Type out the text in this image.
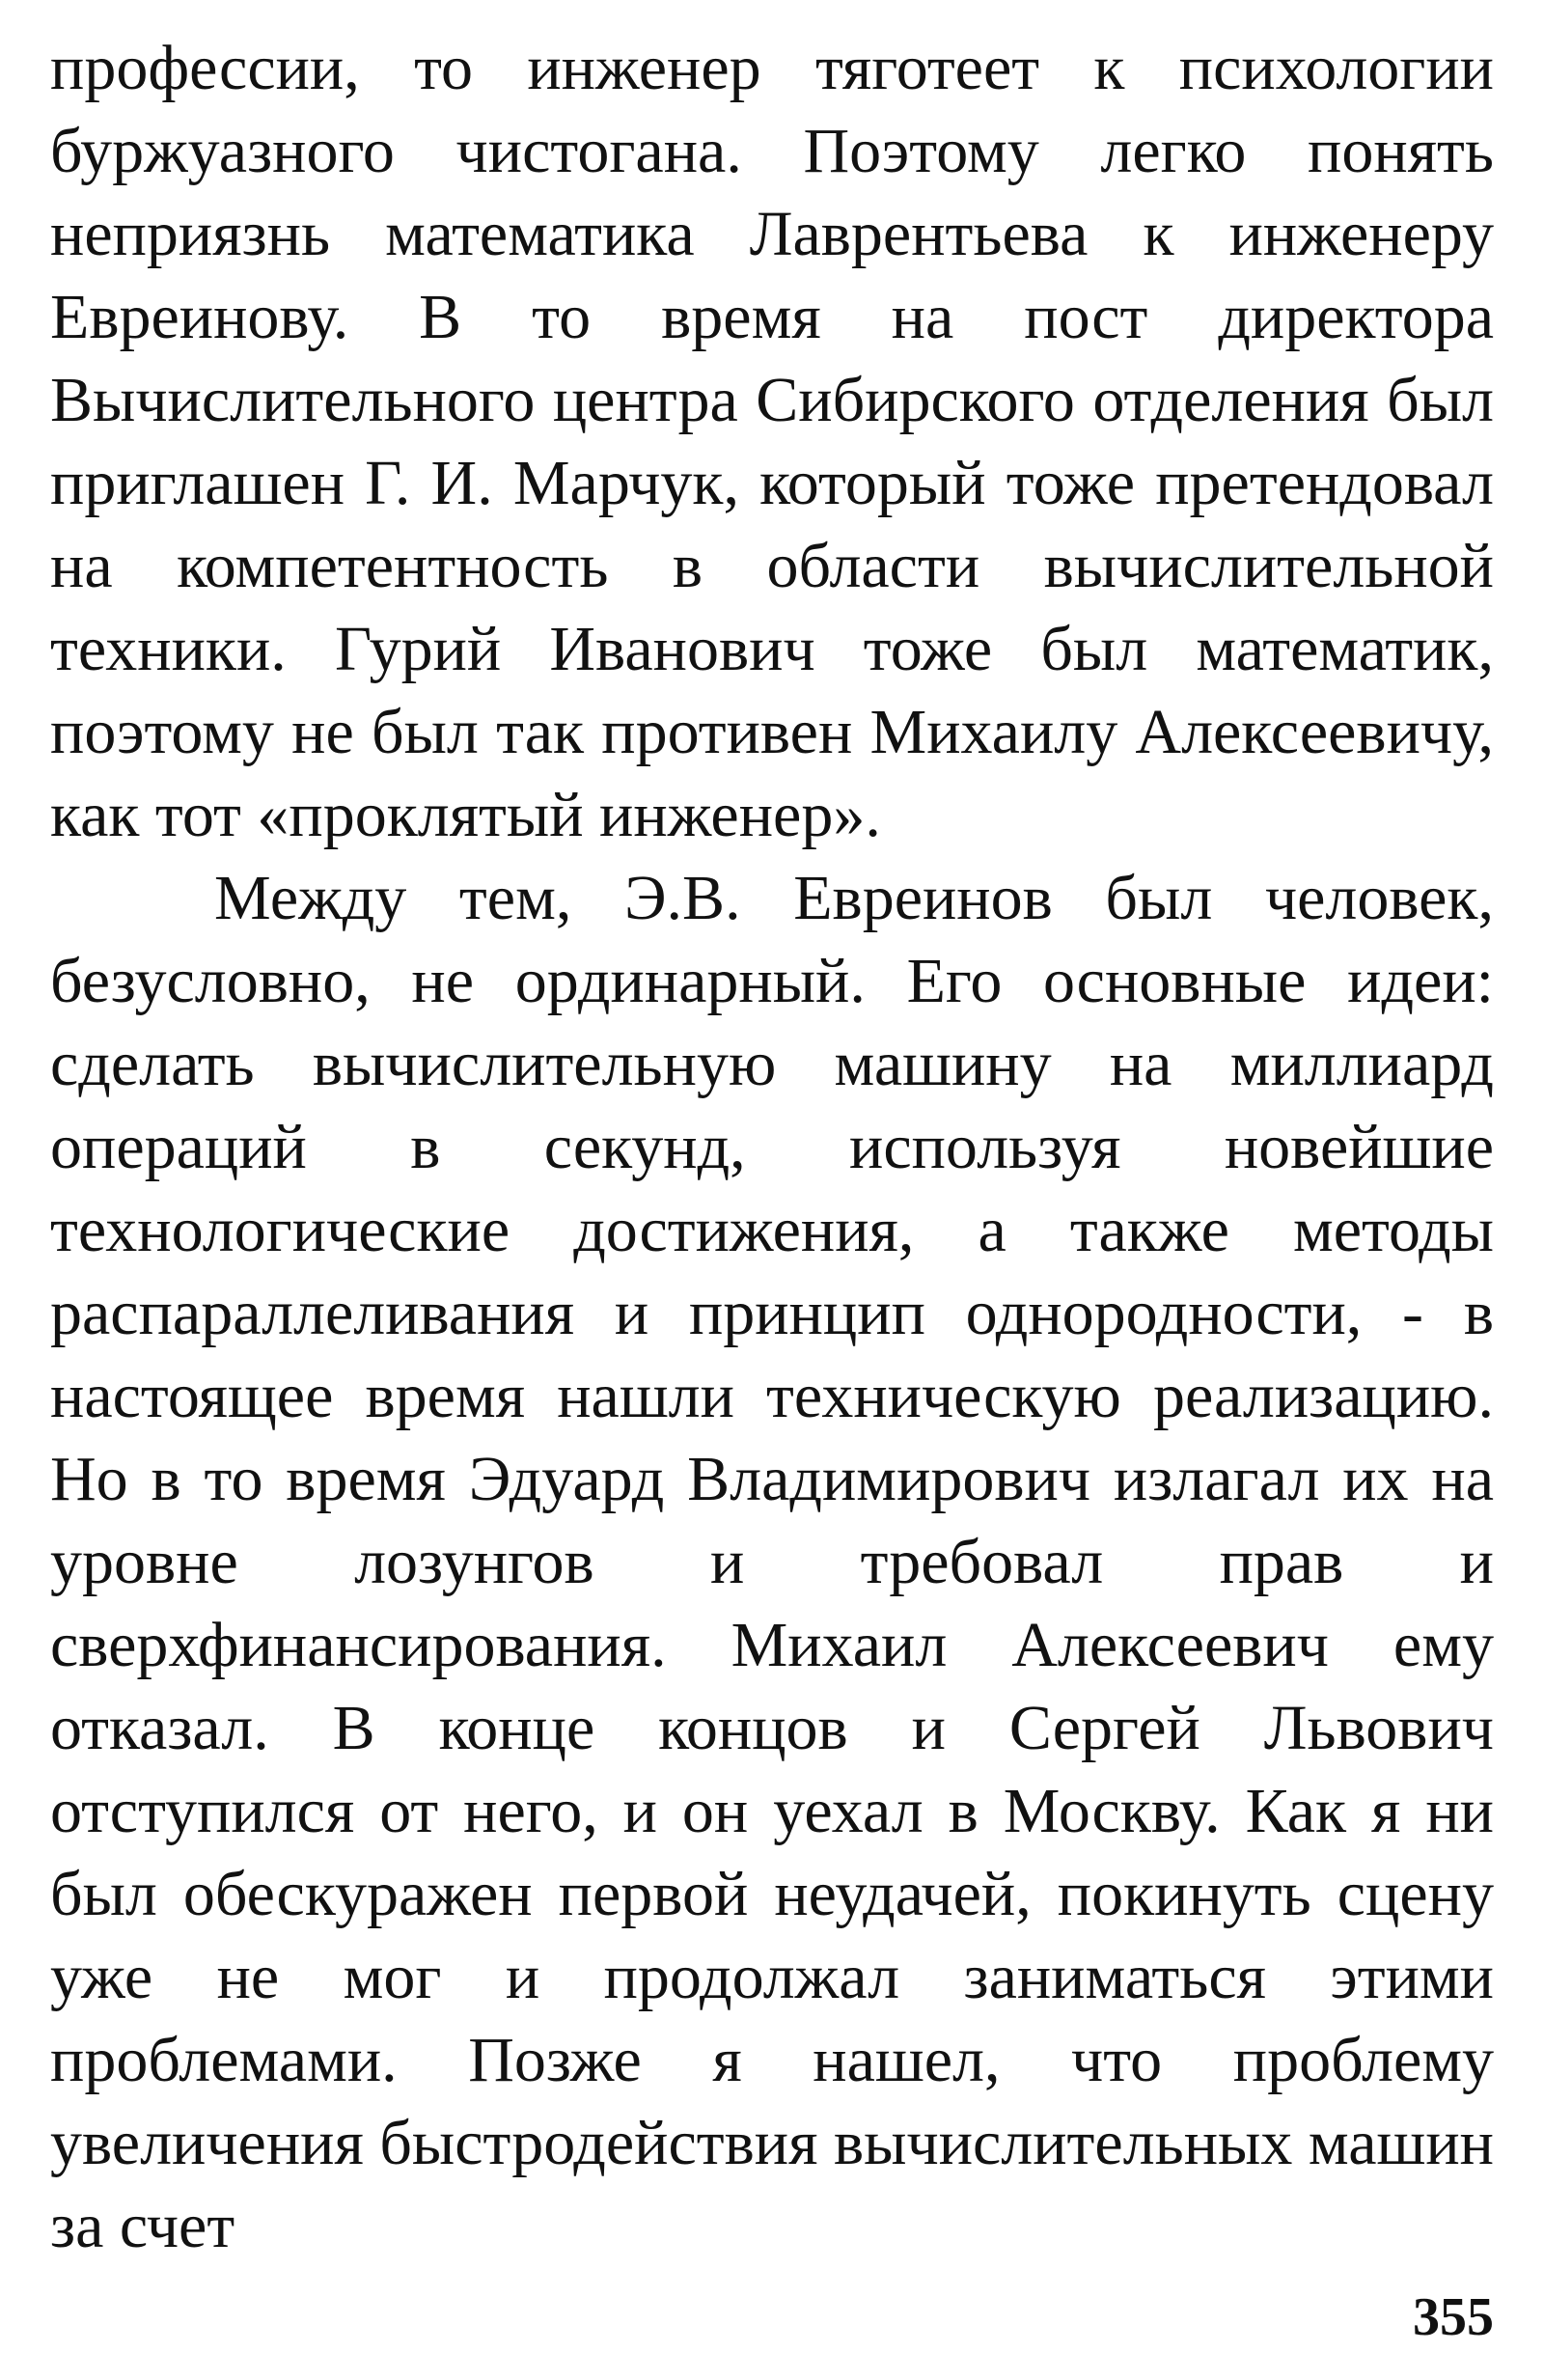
профессии, то инженер тяготеет к психологии буржуазного чистогана. Поэтому легко понять неприязнь математика Лаврентьева к инженеру Евреинову. В то время на пост директора Вычислительного центра Сибирского отделения был приглашен Г. И. Марчук, который тоже претендовал на компетентность в области вычислительной техники. Гурий Иванович тоже был математик, поэтому не был так противен Михаилу Алексеевичу, как тот «проклятый инженер».

Между тем, Э.В. Евреинов был человек, безусловно, не ординарный. Его основные идеи: сделать вычислительную машину на миллиард операций в секунд, используя новейшие технологические достижения, а также методы распараллеливания и принцип однородности, - в настоящее время нашли техническую реализацию. Но в то время Эдуард Владимирович излагал их на уровне лозунгов и требовал прав и сверхфинансирования. Михаил Алексеевич ему отказал. В конце концов и Сергей Львович отступился от него, и он уехал в Москву. Как я ни был обескуражен первой неудачей, покинуть сцену уже не мог и продолжал заниматься этими проблемами. Позже я нашел, что проблему увеличения быстродействия вычислительных машин за счет

355
